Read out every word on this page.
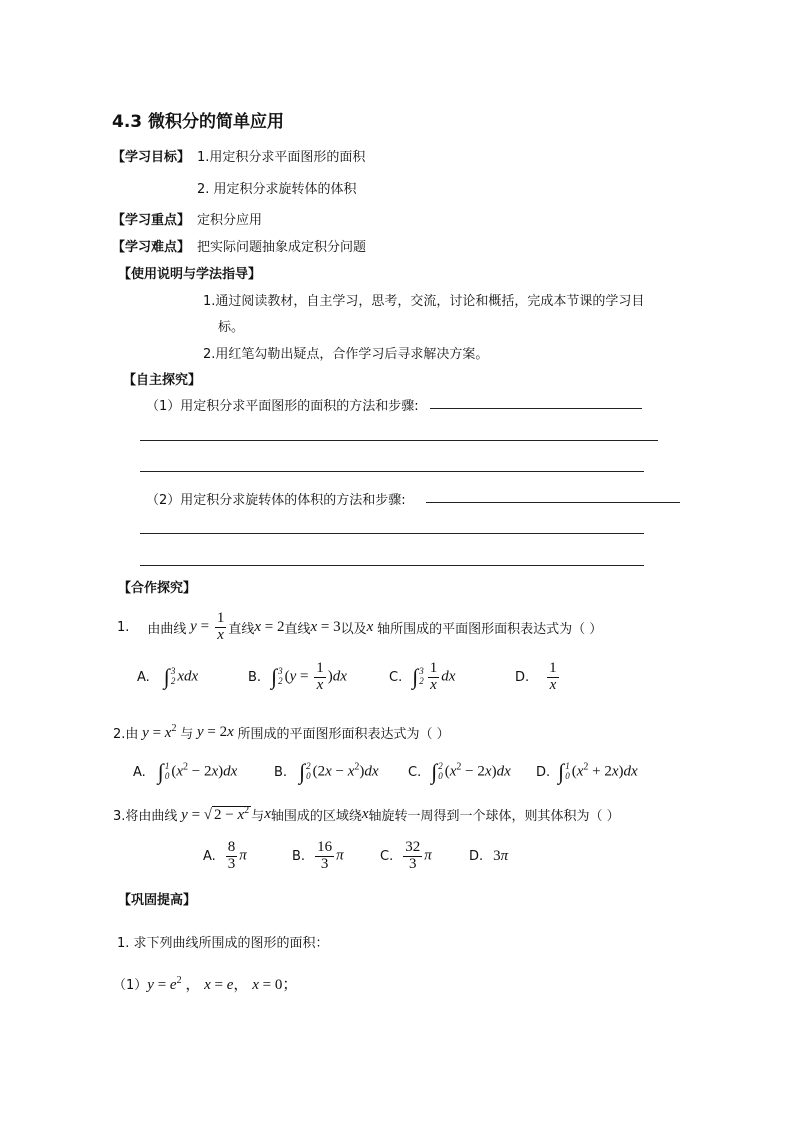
4.3 微积分的简单应用
【学习目标】 1.用定积分求平面图形的面积
2. 用定积分求旋转体的体积
【学习重点】 定积分应用
【学习难点】 把实际问题抽象成定积分问题
【使用说明与学法指导】
1.通过阅读教材，自主学习，思考，交流，讨论和概括，完成本节课的学习目
标。
2.用红笔勾勒出疑点，合作学习后寻求解决方案。
【自主探究】
（1）用定积分求平面图形的面积的方法和步骤:
（2）用定积分求旋转体的体积的方法和步骤:
【合作探究】
1. 由曲线 $y = \frac{1}{x}$ 直线 x = 2 直线 x = 3 以及 x 轴所围成的平面图形面积表达式为（ ）
A. ∫ 3
2 xdx	B. ∫ 3
2 $(y = \frac{1}{x} )dx$	C. ∫ 3
$2 \frac{1}{x}$ dx	D. $\frac{1}{x}$
2.由 $y = x^2$ 与 y = 2x 所围成的平面图形面积表达式为（ ）
A. ∫ 1
0 $(x^2 - 2x)dx$	B. ∫ 2
0 $(2x - x^2)dx$ C. ∫ 2
0 $(x^2 - 2x)dx$ D. ∫ 1
0 $(x^2 + 2x)dx$
3.将由曲线 y = √ $2 - x^2$ 与 x 轴围成的区域绕 x 轴旋转一周得到一个球体，则其体积为（ ）
A. $\frac{8}{3}$ π	B. $\frac{16}{3}$ π	C. $\frac{32}{3}$ π	D. 3π
【巩固提高】
1. 求下列曲线所围成的图形的面积：
（1） $y = e^2$ ， x = e， x = 0；
